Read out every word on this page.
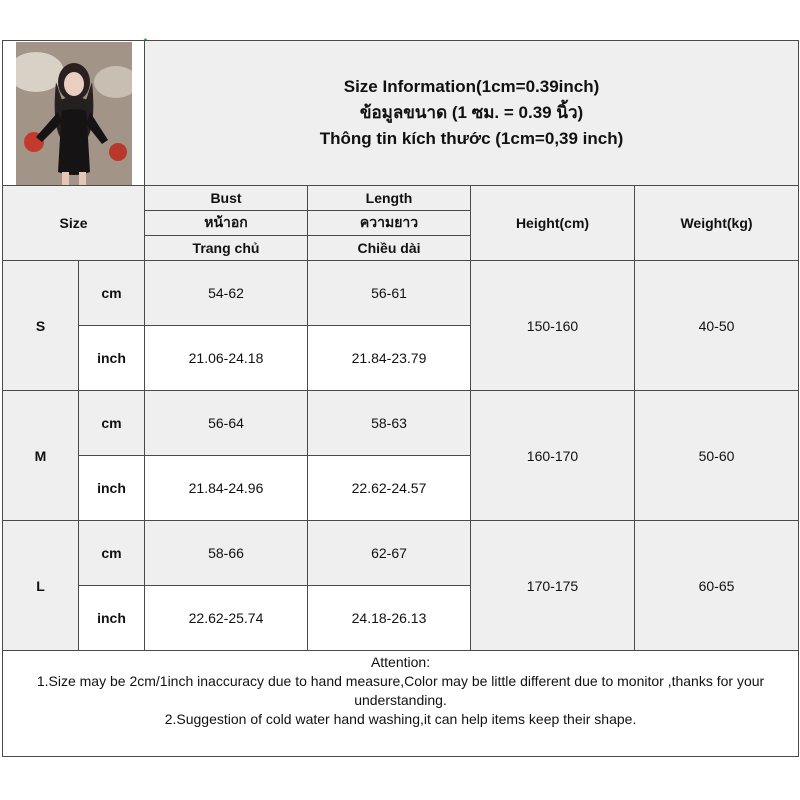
Size Information(1cm=0.39inch)
ข้อมูลขนาด (1 ซม. = 0.39 นิ้ว)
Thông tin kích thước (1cm=0,39 inch)			

Size		Bust	Length	Height(cm)	Weight(kg)
		หน้าอก	ความยาว		
		Trang chủ	Chiều dài		
S	cm	54-62	56-61	150-160	40-50
	inch	21.06-24.18	21.84-23.79		
M	cm	56-64	58-63	160-170	50-60
	inch	21.84-24.96	22.62-24.57		
L	cm	58-66	62-67	170-175	60-65
	inch	22.62-25.74	24.18-26.13		

Attention:
1.Size may be 2cm/1inch inaccuracy due to hand measure,Color may be little different due to monitor ,thanks for your understanding.
2.Suggestion of cold water hand washing,it can help items keep their shape.					
